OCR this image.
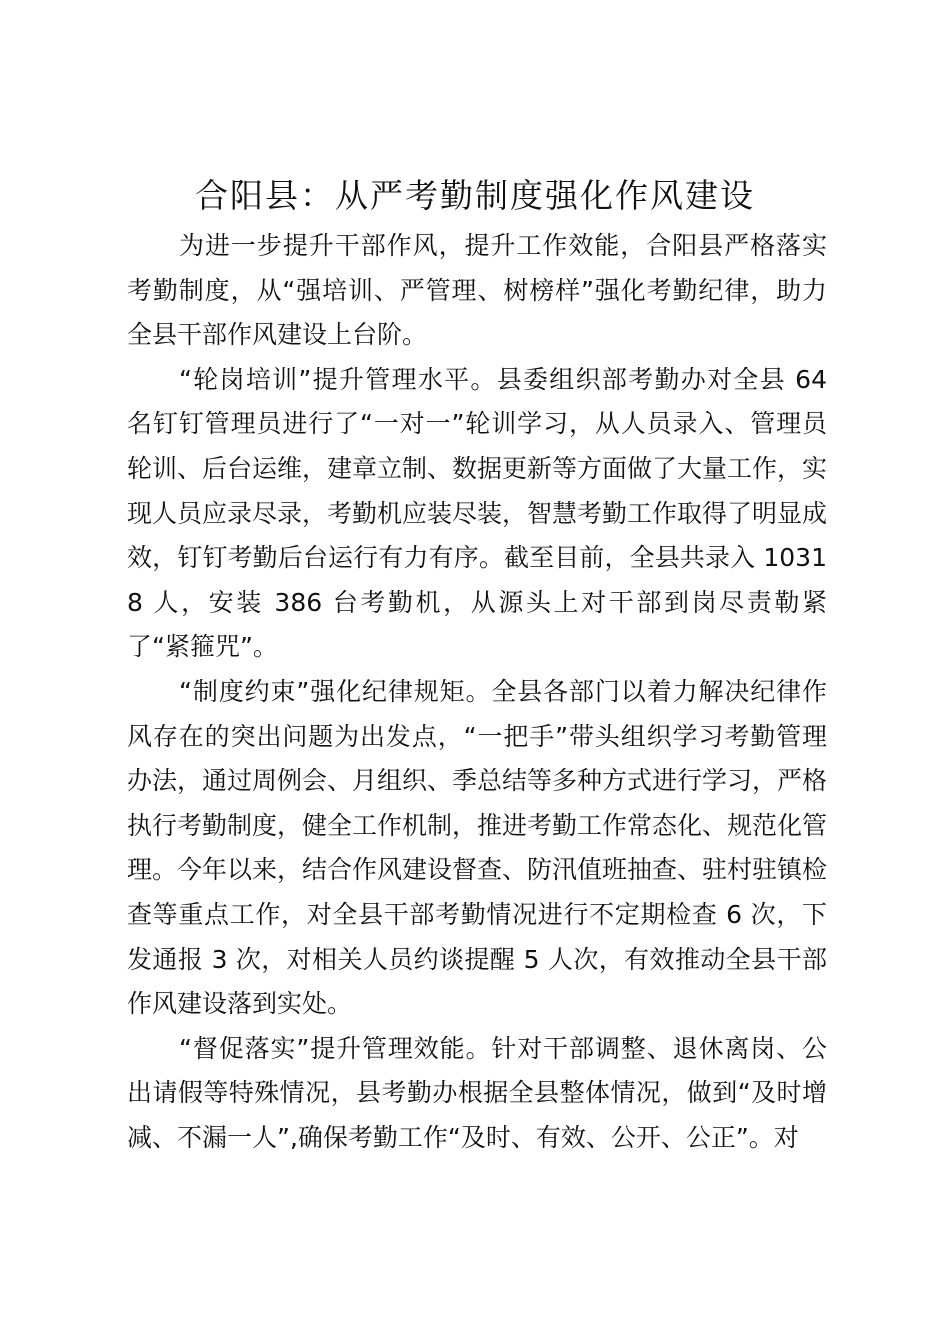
合阳县：从严考勤制度强化作风建设

为进一步提升干部作风，提升工作效能，合阳县严格落实考勤制度，从“强培训、严管理、树榜样”强化考勤纪律，助力全县干部作风建设上台阶。

“轮岗培训”提升管理水平。县委组织部考勤办对全县 64 名钉钉管理员进行了“一对一”轮训学习，从人员录入、管理员轮训、后台运维，建章立制、数据更新等方面做了大量工作，实现人员应录尽录，考勤机应装尽装，智慧考勤工作取得了明显成效，钉钉考勤后台运行有力有序。截至目前，全县共录入 10318 人，安装 386 台考勤机，从源头上对干部到岗尽责勒紧了“紧箍咒”。

“制度约束”强化纪律规矩。全县各部门以着力解决纪律作风存在的突出问题为出发点，“一把手”带头组织学习考勤管理办法，通过周例会、月组织、季总结等多种方式进行学习，严格执行考勤制度，健全工作机制，推进考勤工作常态化、规范化管理。今年以来，结合作风建设督查、防汛值班抽查、驻村驻镇检查等重点工作，对全县干部考勤情况进行不定期检查 6 次，下发通报 3 次，对相关人员约谈提醒 5 人次，有效推动全县干部作风建设落到实处。

“督促落实”提升管理效能。针对干部调整、退休离岗、公出请假等特殊情况，县考勤办根据全县整体情况，做到“及时增减、不漏一人”,确保考勤工作“及时、有效、公开、公正”。对
